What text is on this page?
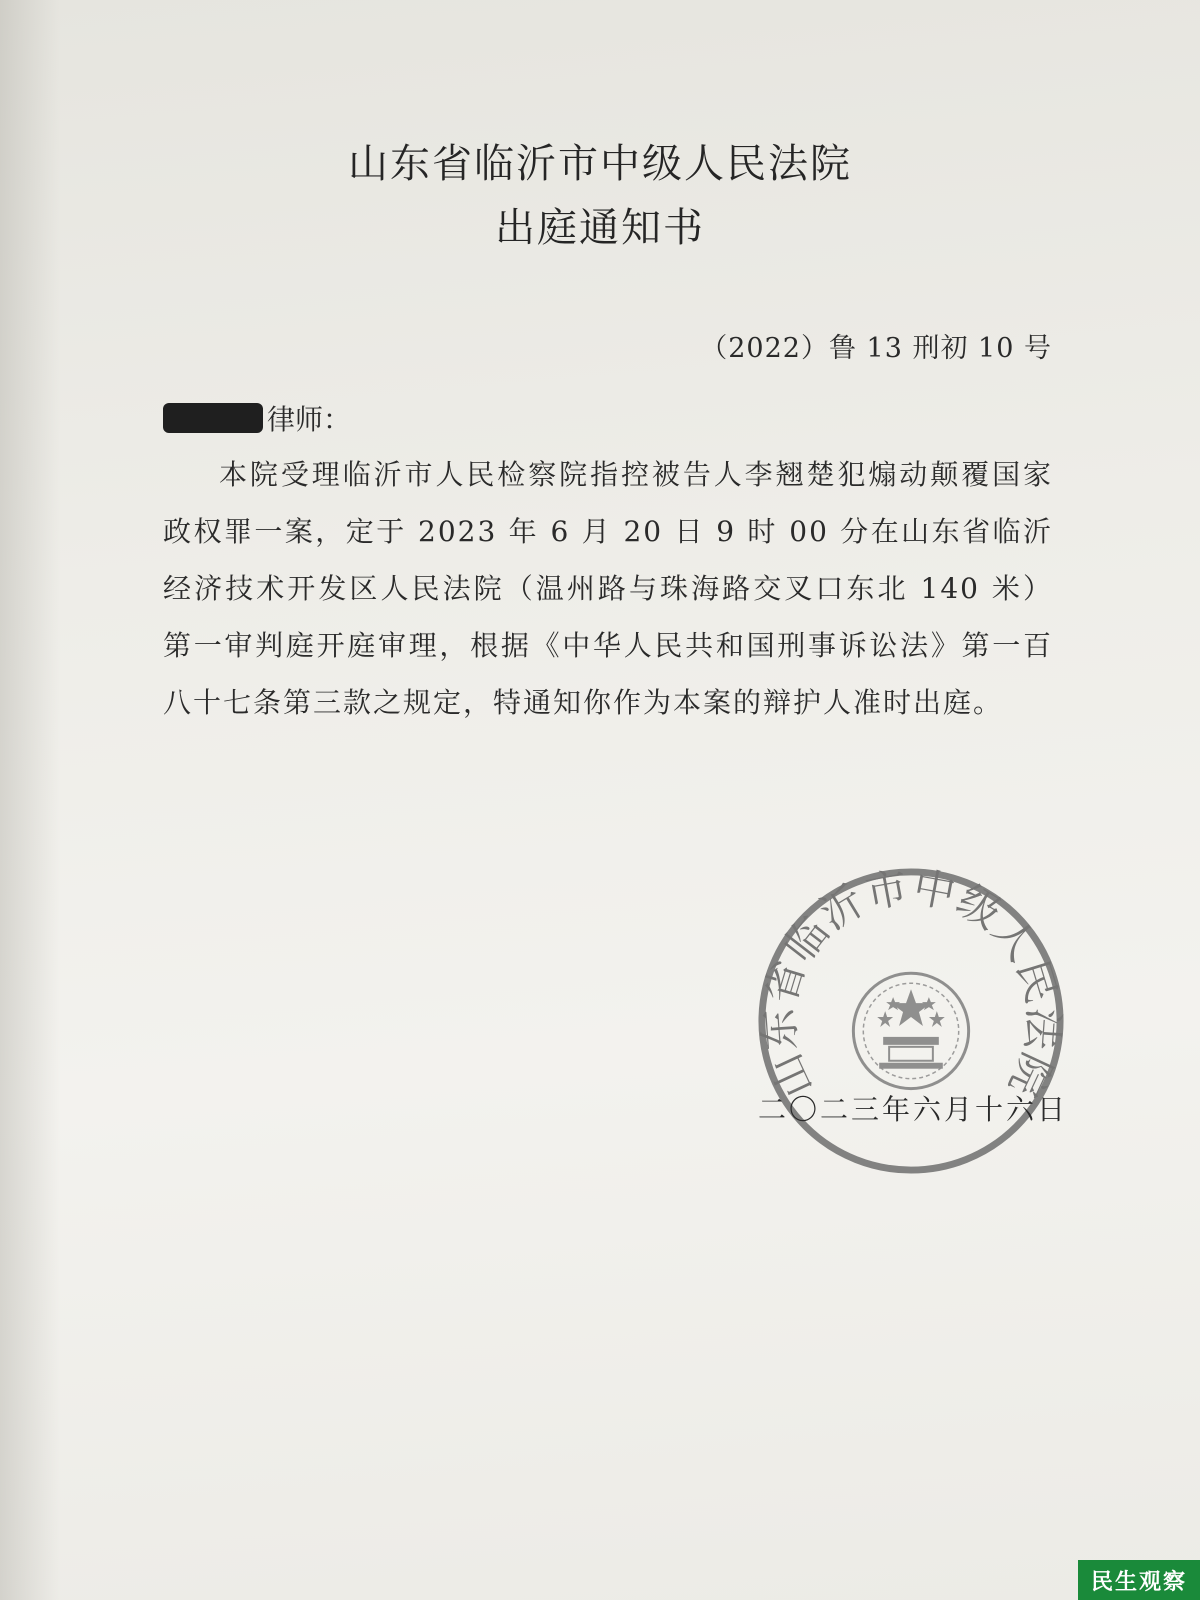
山东省临沂市中级人民法院
出庭通知书
（2022）鲁 13 刑初 10 号
律师：
本院受理临沂市人民检察院指控被告人李翘楚犯煽动颠覆国家政权罪一案，定于 2023 年 6 月 20 日 9 时 00 分在山东省临沂经济技术开发区人民法院（温州路与珠海路交叉口东北 140 米）第一审判庭开庭审理，根据《中华人民共和国刑事诉讼法》第一百八十七条第三款之规定，特通知你作为本案的辩护人准时出庭。
山东省临沂市中级人民法院
二〇二三年六月十六日
民生观察
